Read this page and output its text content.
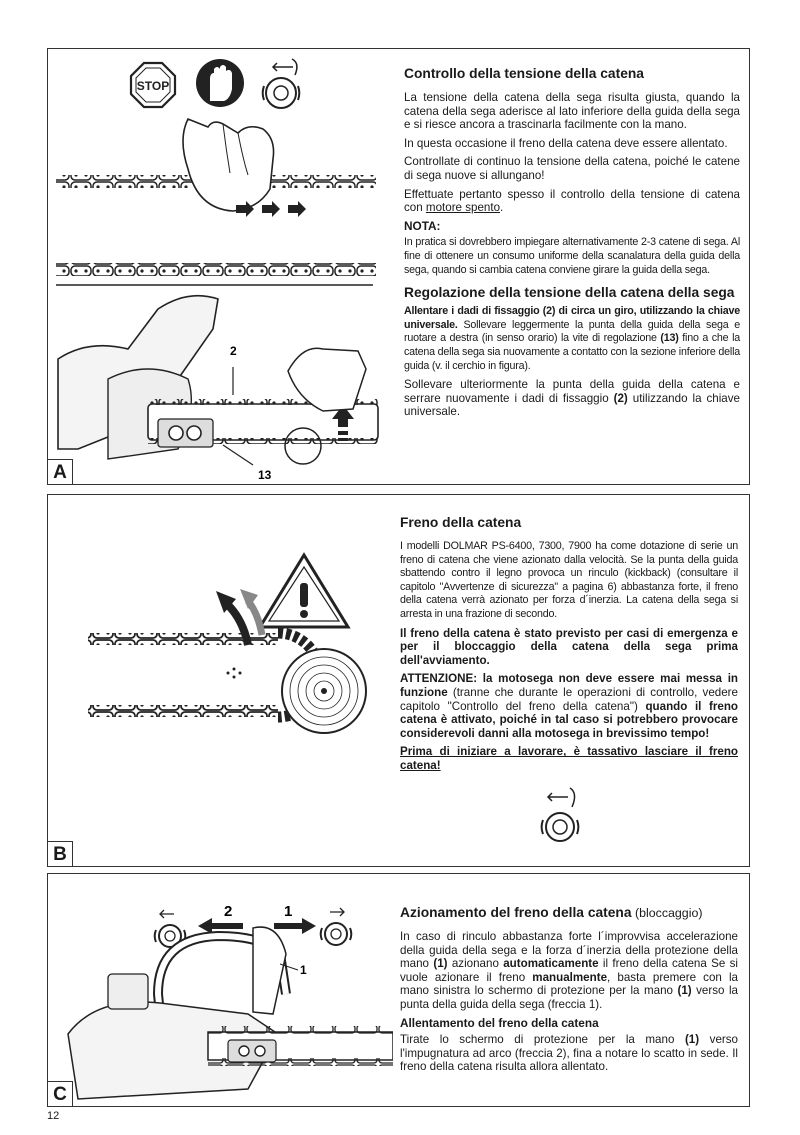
STOP
2
13
A
Controllo della tensione della catena

La tensione della catena della sega risulta giusta, quando la catena della sega aderisce al lato inferiore della guida della sega e si riesce ancora a trascinarla facilmente con la mano.

In questa occasione il freno della catena deve essere allentato.

Controllate di continuo la tensione della catena, poiché le catene di sega nuove si allungano!

Effettuate pertanto spesso il controllo della tensione di catena con motore spento.

NOTA:

In pratica si dovrebbero impiegare alternativamente 2-3 catene di sega. Al fine di ottenere un consumo uniforme della scanalatura della guida della sega, quando si cambia catena conviene girare la guida della sega.

Regolazione della tensione della catena della sega

Allentare i dadi di fissaggio (2) di circa un giro, utilizzando la chiave universale. Sollevare leggermente la punta della guida della sega e ruotare a destra (in senso orario) la vite di regolazione (13) fino a che la catena della sega sia nuovamente a contatto con la sezione inferiore della guida (v. il cerchio in figura).

Sollevare ulteriormente la punta della guida della catena e serrare nuovamente i dadi di fissaggio (2) utilizzando la chiave universale.

B
Freno della catena

I modelli DOLMAR PS-6400, 7300, 7900 ha come dotazione di serie un freno di catena che viene azionato dalla velocità. Se la punta della guida sbattendo contro il legno provoca un rinculo (kickback) (consultare il capitolo "Avvertenze di sicurezza" a pagina 6) abbastanza forte, il freno della catena verrà azionato per forza d´inerzia. La catena della sega si arresta in una frazione di secondo.

Il freno della catena è stato previsto per casi di emergenza e per il bloccaggio della catena della sega prima dell'avviamento.

ATTENZIONE: la motosega non deve essere mai messa in funzione (tranne che durante le operazioni di controllo, vedere capitolo "Controllo del freno della catena") quando il freno catena è attivato, poiché in tal caso si potrebbero provocare considerevoli danni alla motosega in brevissimo tempo!

Prima di iniziare a lavorare, è tassativo lasciare il freno catena!

2	1
1
C
Azionamento del freno della catena (bloccaggio)

In caso di rinculo abbastanza forte l´improvvisa accelerazione della guida della sega e la forza d´inerzia della protezione della mano (1) azionano automaticamente il freno della catena Se si vuole azionare il freno manualmente, basta premere con la mano sinistra lo schermo di protezione per la mano (1) verso la punta della guida della sega (freccia 1).

Allentamento del freno della catena

Tirate lo schermo di protezione per la mano (1) verso l'impugnatura ad arco (freccia 2), fina a notare lo scatto in sede. Il freno della catena risulta allora allentato.

12
